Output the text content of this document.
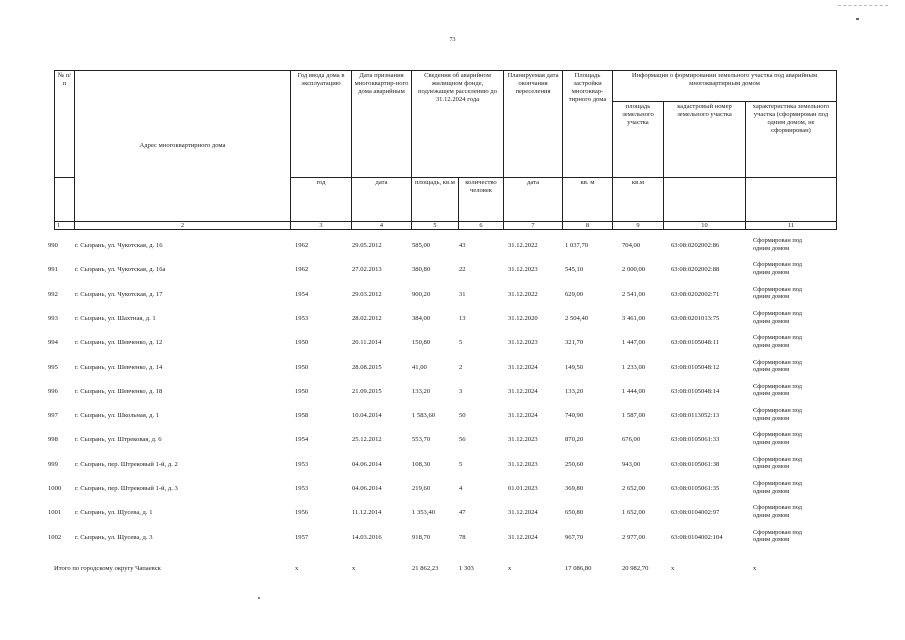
73
№ п/п	Адрес многоквартирного дома	Год ввода дома в эксплуатацию	Дата признания многоквартир-ного дома аварийным	Сведения об аварийном жилищном фонде, подлежащем расселению до 31.12.2024 года		Планируемая дата окончания переселения	Площадь застройки многоквар-тирного дома	Информация о формировании земельного участка под аварийным многоквартирным домом		
								площадь земельного участка	кадастровый номер земельного участка	характеристика земельного участка (сформирован под одним домом, не сформирован)
		год	дата	площадь, кв.м	количество человек	дата	кв. м	кв.м		
1	2	3	4	5	6	7	8	9	10	11
990	г. Сызрань, ул. Чукотская, д. 16	1962	29.05.2012	585,00	43	31.12.2022	1 037,70	704,00	63:08:0202002:86
Сформирован под
одним домом
991	г. Сызрань, ул. Чукотская, д. 16а	1962	27.02.2013	380,80	22	31.12.2023	545,10	2 000,00	63:08:0202002:88
Сформирован под
одним домом
992	г. Сызрань, ул. Чукотская, д. 17	1954	29.03.2012	900,20	31	31.12.2022	629,00	2 541,00	63:08:0202002:71
Сформирован под
одним домом
993	г. Сызрань, ул. Шахтная, д. 1	1953	28.02.2012	384,00	13	31.12.2020	2 504,40	3 461,00	63:08:0201013:75
Сформирован под
одним домом
994	г. Сызрань, ул. Шевченко, д. 12	1950	20.11.2014	150,80	5	31.12.2023	321,70	1 447,00	63:08:0105048:11
Сформирован под
одним домом
995	г. Сызрань, ул. Шевченко, д. 14	1950	28.08.2015	41,00	2	31.12.2024	149,50	1 233,00	63:08:0105048:12
Сформирован под
одним домом
996	г. Сызрань, ул. Шевченко, д. 18	1950	21.09.2015	133,20	3	31.12.2024	133,20	1 444,00	63:08:0105048:14
Сформирован под
одним домом
997	г. Сызрань, ул. Школьная, д. 1	1958	10.04.2014	1 583,60	50	31.12.2024	740,90	1 587,00	63:08:0113052:13
Сформирован под
одним домом
998	г. Сызрань, ул. Штрековая, д. 6	1954	25.12.2012	553,70	56	31.12.2023	870,20	676,00	63:08:0105061:33
Сформирован под
одним домом
999	г. Сызрань, пер. Штрековый 1-й, д. 2	1953	04.06.2014	108,30	5	31.12.2023	250,60	943,00	63:08:0105061:38
Сформирован под
одним домом
1000 г. Сызрань, пер. Штрековый 1-й, д. 3	1953	04.06.2014	219,60	4	01.01.2023	369,80	2 652,00	63:08:0105061:35
Сформирован под
одним домом
1001 г. Сызрань, ул. Щусева, д. 1	1956	11.12.2014	1 353,40	47	31.12.2024	650,80	1 652,00	63:08:0104002:97
Сформирован под
одним домом
1002 г. Сызрань, ул. Щусева, д. 3	1957	14.03.2016	918,70	78	31.12.2024	967,70	2 977,00	63:08:0104002:104
Сформирован под
одним домом
Итого по городскому округу Чапаевск	x	x	21 862,23	1 303	x	17 086,80	20 982,70	x	x
